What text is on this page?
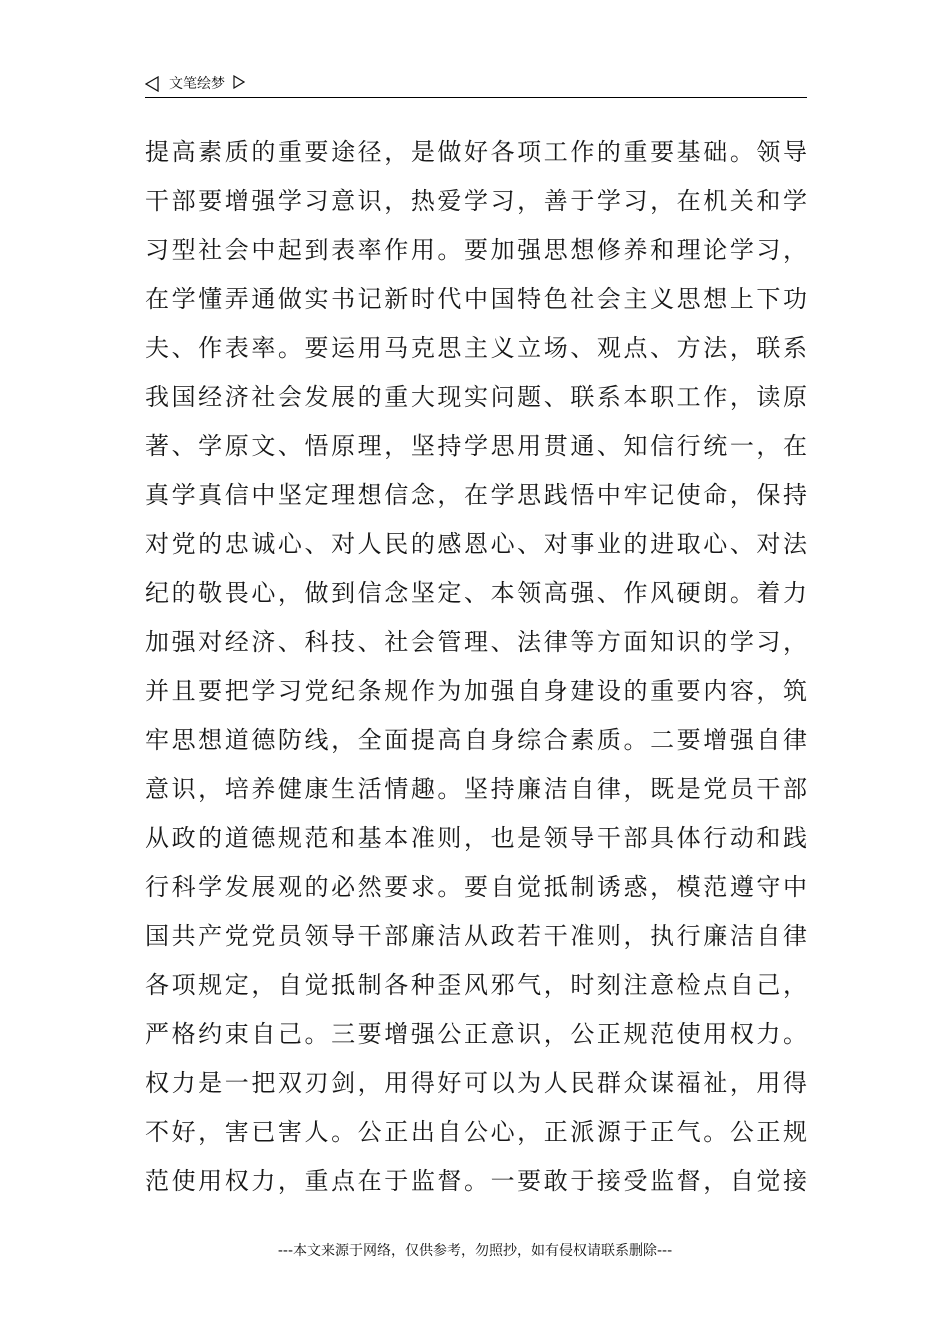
文笔绘梦
提高素质的重要途径，是做好各项工作的重要基础。领导
干部要增强学习意识，热爱学习，善于学习，在机关和学
习型社会中起到表率作用。要加强思想修养和理论学习，
在学懂弄通做实书记新时代中国特色社会主义思想上下功
夫、作表率。要运用马克思主义立场、观点、方法，联系
我国经济社会发展的重大现实问题、联系本职工作，读原
著、学原文、悟原理，坚持学思用贯通、知信行统一，在
真学真信中坚定理想信念，在学思践悟中牢记使命，保持
对党的忠诚心、对人民的感恩心、对事业的进取心、对法
纪的敬畏心，做到信念坚定、本领高强、作风硬朗。着力
加强对经济、科技、社会管理、法律等方面知识的学习，
并且要把学习党纪条规作为加强自身建设的重要内容，筑
牢思想道德防线，全面提高自身综合素质。二要增强自律
意识，培养健康生活情趣。坚持廉洁自律，既是党员干部
从政的道德规范和基本准则，也是领导干部具体行动和践
行科学发展观的必然要求。要自觉抵制诱惑，模范遵守中
国共产党党员领导干部廉洁从政若干准则，执行廉洁自律
各项规定，自觉抵制各种歪风邪气，时刻注意检点自己，
严格约束自己。三要增强公正意识，公正规范使用权力。
权力是一把双刃剑，用得好可以为人民群众谋福祉，用得
不好，害已害人。公正出自公心，正派源于正气。公正规
范使用权力，重点在于监督。一要敢于接受监督，自觉接
---本文来源于网络，仅供参考，勿照抄，如有侵权请联系删除---
